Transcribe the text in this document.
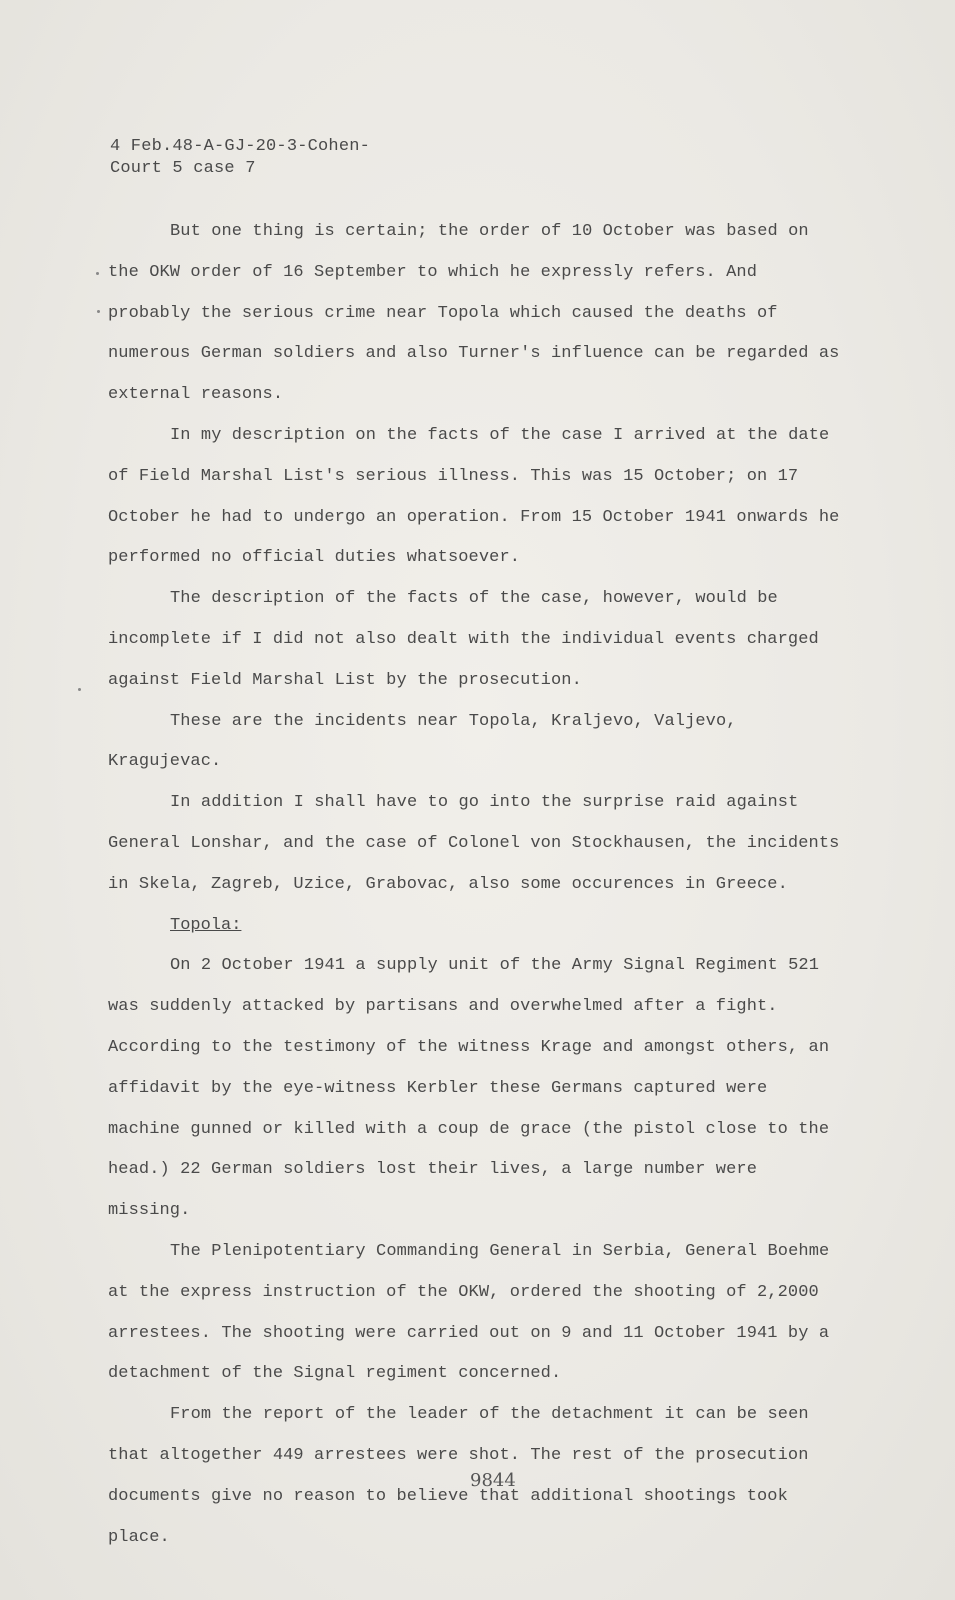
4 Feb.48-A-GJ-20-3-Cohen-
Court 5 case 7

But one thing is certain; the order of 10 October was based on the OKW order of 16 September to which he expressly refers. And probably the serious crime near Topola which caused the deaths of numerous German soldiers and also Turner's influence can be regarded as external reasons.

In my description on the facts of the case I arrived at the date of Field Marshal List's serious illness. This was 15 October; on 17 October he had to undergo an operation. From 15 October 1941 onwards he performed no official duties whatsoever.

The description of the facts of the case, however, would be incomplete if I did not also dealt with the individual events charged against Field Marshal List by the prosecution.

These are the incidents near Topola, Kraljevo, Valjevo, Kragujevac.

In addition I shall have to go into the surprise raid against General Lonshar, and the case of Colonel von Stockhausen, the incidents in Skela, Zagreb, Uzice, Grabovac, also some occurences in Greece.

Topola:

On 2 October 1941 a supply unit of the Army Signal Regiment 521 was suddenly attacked by partisans and overwhelmed after a fight. According to the testimony of the witness Krage and amongst others, an affidavit by the eye-witness Kerbler these Germans captured were machine gunned or killed with a coup de grace (the pistol close to the head.) 22 German soldiers lost their lives, a large number were missing.

The Plenipotentiary Commanding General in Serbia, General Boehme at the express instruction of the OKW, ordered the shooting of 2,2000 arrestees. The shooting were carried out on 9 and 11 October 1941 by a detachment of the Signal regiment concerned.

From the report of the leader of the detachment it can be seen that altogether 449 arrestees were shot. The rest of the prosecution documents give no reason to believe that additional shootings took place.

9844
